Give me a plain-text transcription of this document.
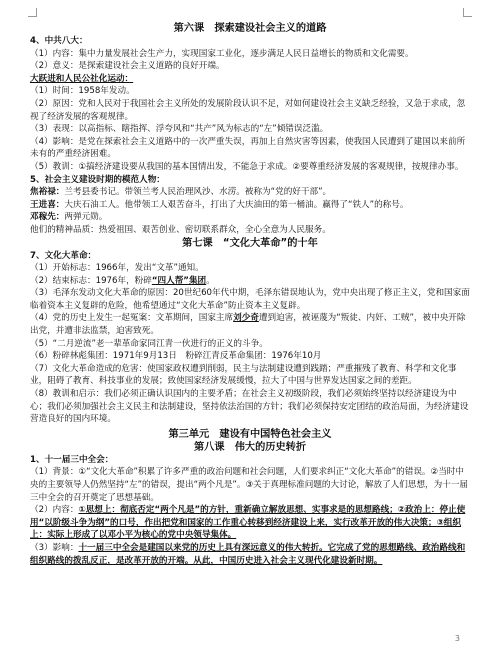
第六课　探索建设社会主义的道路

4、中共八大：

（1）内容：集中力量发展社会生产力，实现国家工业化，逐步满足人民日益增长的物质和文化需要。

（2）意义：是探索建设社会主义道路的良好开端。

大跃进和人民公社化运动：

（1）时间：1958年发动。

（2）原因：党和人民对于我国社会主义所处的发展阶段认识不足，对如何建设社会主义缺乏经验，又急于求成，忽视了经济发展的客观规律。

（3）表现：以高指标、瞎指挥、浮夸风和“共产”风为标志的“左”倾错误泛滥。

（4）影响：是党在探索社会主义道路中的一次严重失误，再加上自然灾害等因素，使我国人民遭到了建国以来前所未有的严重经济困难。

（5）教训：①搞经济建设要从我国的基本国情出发，不能急于求成。②要尊重经济发展的客观规律，按规律办事。

5、社会主义建设时期的模范人物：

焦裕禄：兰考县委书记。带领兰考人民治理风沙、水涝。被称为“党的好干部”。

王进喜：大庆石油工人。他带领工人艰苦奋斗，打出了大庆油田的第一桶油。赢得了“铁人”的称号。

邓稼先：两弹元勋。

他们的精神品质：热爱祖国、艰苦创业、密切联系群众，全心全意为人民服务。

第七课　“文化大革命”的十年

7、文化大革命：

（1）开始标志：1966年，发出“文革”通知。

（2）结束标志：1976年，粉碎“四人帮”集团。

（3）毛泽东发动文化大革命的原因：20世纪60年代中期，毛泽东错误地认为，党中央出现了修正主义，党和国家面临着资本主义复辟的危险，他希望通过“文化大革命”防止资本主义复辟。

（4）党的历史上发生一起冤案：文革期间，国家主席刘少奇遭到迫害，被诬蔑为“叛徒、内奸、工贼”，被中央开除出党，并遭非法监禁，迫害致死。

（5）“二月逆流”老一辈革命家同江青一伙进行的正义的斗争。

（6）粉碎林彪集团：1971年9月13日　粉碎江青反革命集团：1976年10月

（7）文化大革命造成的危害：使国家政权遭到削弱，民主与法制建设遭到践踏；严重摧残了教育、科学和文化事业，阻碍了教育、科技事业的发展；致使国家经济发展缓慢，拉大了中国与世界发达国家之间的差距。

（8）教训和启示：我们必须正确认识国内的主要矛盾；在社会主义初级阶段，我们必须始终坚持以经济建设为中心；我们必须加强社会主义民主和法制建设，坚持依法治国的方针；我们必须保持安定团结的政治局面，为经济建设营造良好的国内环境。

第三单元　建设有中国特色社会主义

第八课　伟大的历史转折

1、十一届三中全会：

（1）背景：①“文化大革命”积累了许多严重的政治问题和社会问题，人们要求纠正“文化大革命”的错误。②当时中央的主要领导人仍然坚持“左”的错误，提出“两个凡是”。③关于真理标准问题的大讨论，解放了人们思想，为十一届三中全会的召开奠定了思想基础。

（2）内容：①思想上：彻底否定“两个凡是”的方针，重新确立解放思想、实事求是的思想路线；②政治上：停止使用“以阶级斗争为纲”的口号，作出把党和国家的工作重心转移到经济建设上来，实行改革开放的伟大决策；③组织上：实际上形成了以邓小平为核心的党中央领导集体。

（3）影响：十一届三中全会是建国以来党的历史上具有深远意义的伟大转折。它完成了党的思想路线、政治路线和组织路线的拨乱反正，是改革开放的开端。从此，中国历史进入社会主义现代化建设新时期。

3
